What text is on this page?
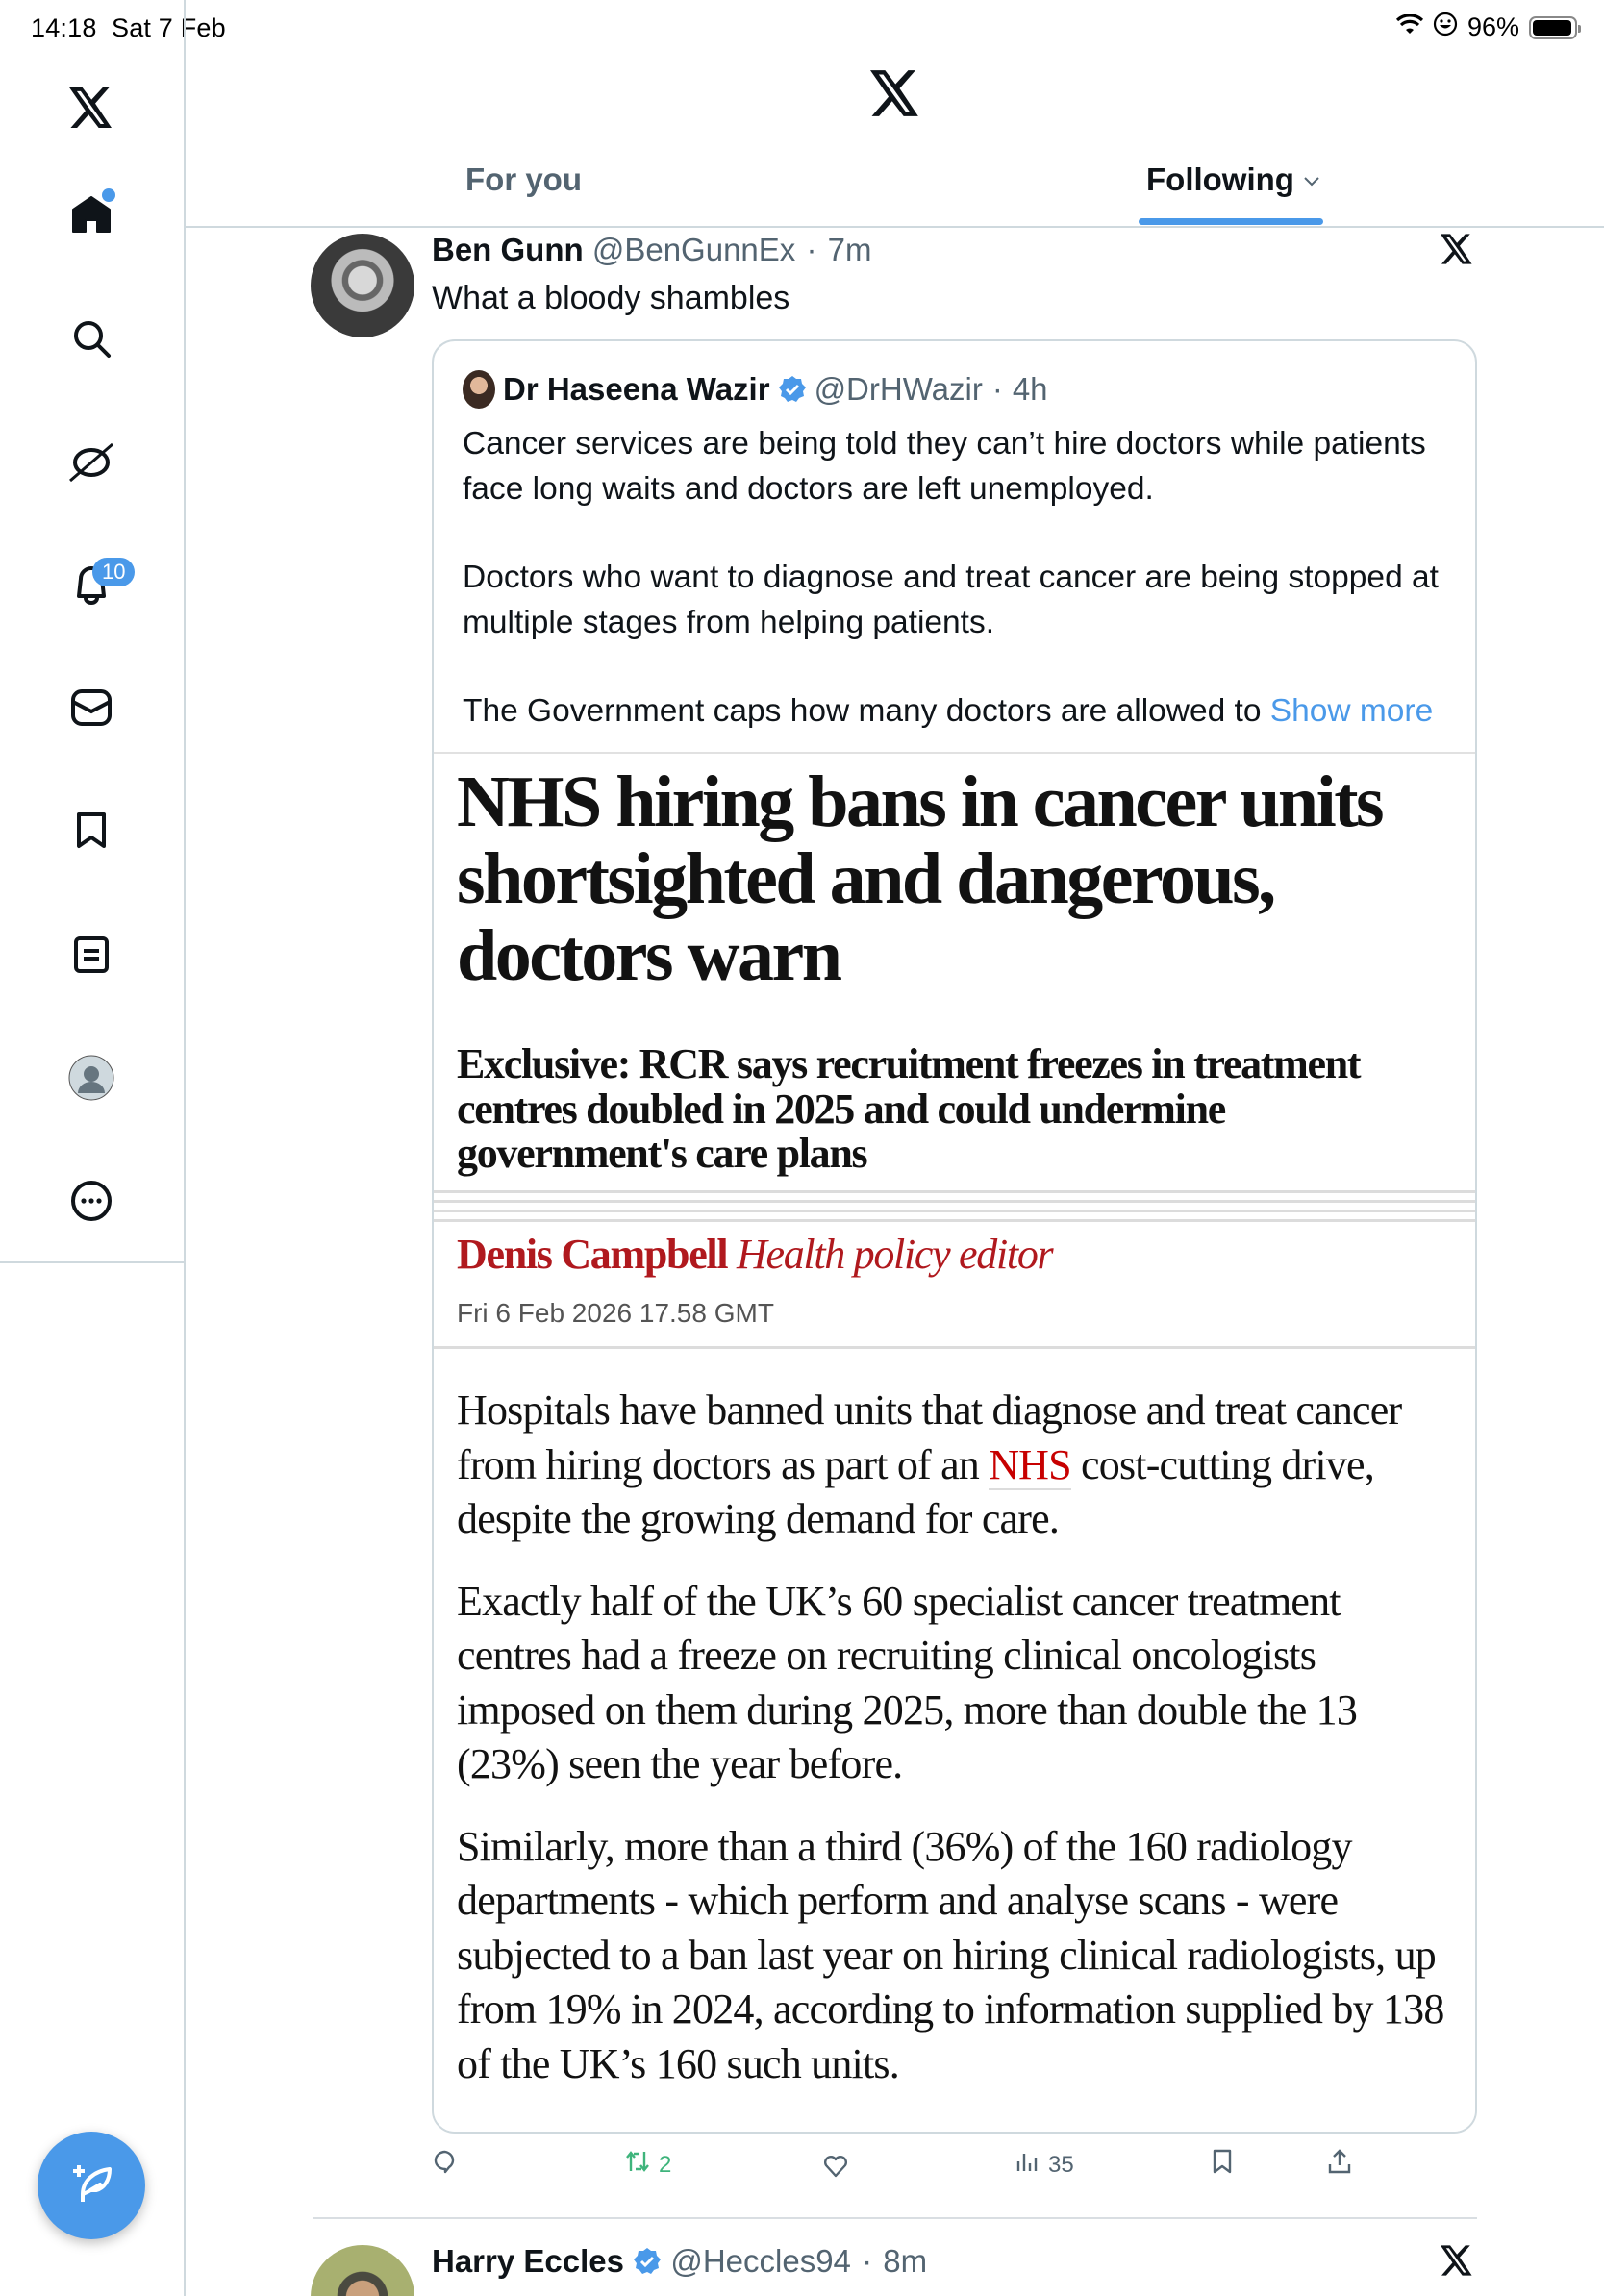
14:18 Sat 7 Feb	96%
10
For you	Following
Ben Gunn @BenGunnEx · 7m
What a bloody shambles
Dr Haseena Wazir @DrHWazir · 4h

Cancer services are being told they can’t hire doctors while patients face long waits and doctors are left unemployed.

Doctors who want to diagnose and treat cancer are being stopped at multiple stages from helping patients.

The Government caps how many doctors are allowed to Show more

NHS hiring bans in cancer units shortsighted and dangerous, doctors warn
Exclusive: RCR says recruitment freezes in treatment centres doubled in 2025 and could undermine government's care plans
Denis Campbell Health policy editor
Fri 6 Feb 2026 17.58 GMT

Hospitals have banned units that diagnose and treat cancer from hiring doctors as part of an NHS cost-cutting drive, despite the growing demand for care.

Exactly half of the UK’s 60 specialist cancer treatment centres had a freeze on recruiting clinical oncologists imposed on them during 2025, more than double the 13 (23%) seen the year before.

Similarly, more than a third (36%) of the 160 radiology departments - which perform and analyse scans - were subjected to a ban last year on hiring clinical radiologists, up from 19% in 2024, according to information supplied by 138 of the UK’s 160 such units.

2	35
Harry Eccles @Heccles94 · 8m
